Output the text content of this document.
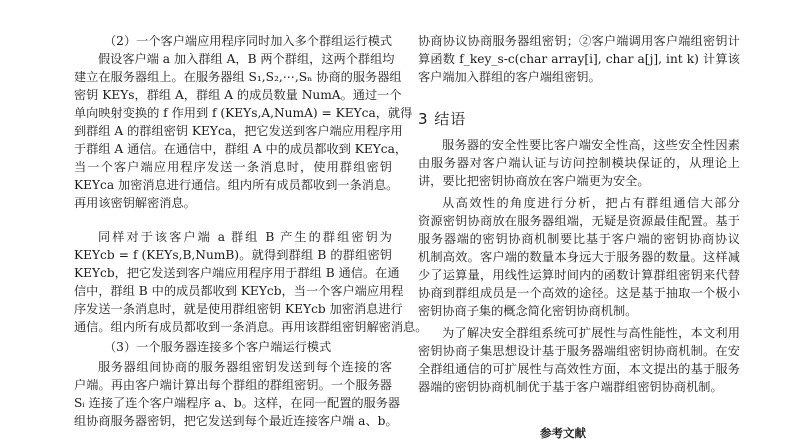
（2）一个客户端应用程序同时加入多个群组运行模式
假设客户端 a 加入群组 A，B 两个群组，这两个群组均
建立在服务器组上。在服务器组 S₁,S₂,⋯,Sₙ 协商的服务器组
密钥 KEYs，群组 A，群组 A 的成员数量 NumA。通过一个
单向映射变换的 f 作用到 f (KEYs,A,NumA) = KEYca，就得
到群组 A 的群组密钥 KEYca，把它发送到客户端应用程序用
于群组 A 通信。在通信中，群组 A 中的成员都收到 KEYca，
当一个客户端应用程序发送一条消息时，使用群组密钥
KEYca 加密消息进行通信。组内所有成员都收到一条消息。
再用该密钥解密消息。
同样对于该客户端 a 群组 B 产生的群组密钥为
KEYcb = f (KEYs,B,NumB)。就得到群组 B 的群组密钥
KEYcb，把它发送到客户端应用程序用于群组 B 通信。在通
信中，群组 B 中的成员都收到 KEYcb，当一个客户端应用程
序发送一条消息时，就是使用群组密钥 KEYcb 加密消息进行
通信。组内所有成员都收到一条消息。再用该群组密钥解密消息。
（3）一个服务器连接多个客户端运行模式
服务器组间协商的服务器组密钥发送到每个连接的客
户端。再由客户端计算出每个群组的群组密钥。一个服务器
Sᵢ 连接了连个客户端程序 a、b。这样，在同一配置的服务器
组协商服务器密钥，把它发送到每个最近连接客户端 a、b。
协商协议协商服务器组密钥；②客户端调用客户端组密钥计
算函数 f_key_s-c(char array[i], char a[j], int k) 计算该
客户端加入群组的客户端组密钥。
3 结语
服务器的安全性要比客户端安全性高，这些安全性因素
由服务器对客户端认证与访问控制模块保证的，从理论上
讲，要比把密钥协商放在客户端更为安全。
从高效性的角度进行分析，把占有群组通信大部分
资源密钥协商放在服务器组端，无疑是资源最佳配置。基于
服务器端的密钥协商机制要比基于客户端的密钥协商协议
机制高效。客户端的数量本身远大于服务器的数量。这样减
少了运算量，用线性运算时间内的函数计算群组密钥来代替
协商到群组成员是一个高效的途径。这是基于抽取一个极小
密钥协商子集的概念简化密钥协商机制。
为了解决安全群组系统可扩展性与高性能性，本文利用
密钥协商子集思想设计基于服务器端组密钥协商机制。在安
全群组通信的可扩展性与高效性方面，本文提出的基于服务
器端的密钥协商机制优于基于客户端群组密钥协商机制。
参考文献
